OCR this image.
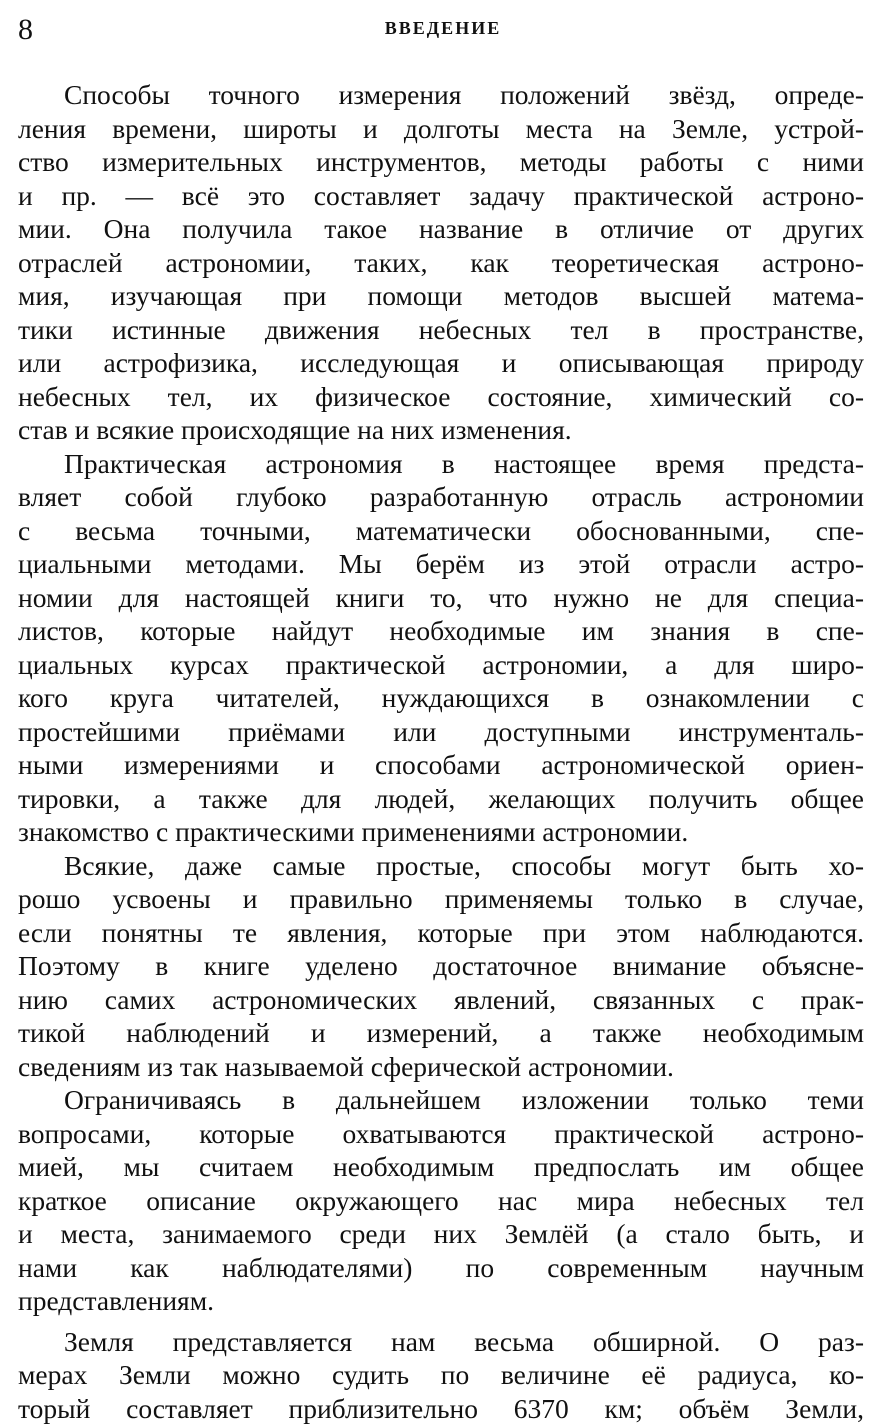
8	ВВЕДЕНИЕ
Способы точного измерения положений звёзд, опреде-
ления времени, широты и долготы места на Земле, устрой-
ство измерительных инструментов, методы работы с ними
и пр. — всё это составляет задачу практической астроно-
мии. Она получила такое название в отличие от других
отраслей астрономии, таких, как теоретическая астроно-
мия, изучающая при помощи методов высшей матема-
тики истинные движения небесных тел в пространстве,
или астрофизика, исследующая и описывающая природу
небесных тел, их физическое состояние, химический со-
став и всякие происходящие на них изменения.
Практическая астрономия в настоящее время предста-
вляет собой глубоко разработанную отрасль астрономии
с весьма точными, математически обоснованными, спе-
циальными методами. Мы берём из этой отрасли астро-
номии для настоящей книги то, что нужно не для специа-
листов, которые найдут необходимые им знания в спе-
циальных курсах практической астрономии, а для широ-
кого круга читателей, нуждающихся в ознакомлении с
простейшими приёмами или доступными инструменталь-
ными измерениями и способами астрономической ориен-
тировки, а также для людей, желающих получить общее
знакомство с практическими применениями астрономии.
Всякие, даже самые простые, способы могут быть хо-
рошо усвоены и правильно применяемы только в случае,
если понятны те явления, которые при этом наблюдаются.
Поэтому в книге уделено достаточное внимание объясне-
нию самих астрономических явлений, связанных с прак-
тикой наблюдений и измерений, а также необходимым
сведениям из так называемой сферической астрономии.
Ограничиваясь в дальнейшем изложении только теми
вопросами, которые охватываются практической астроно-
мией, мы считаем необходимым предпослать им общее
краткое описание окружающего нас мира небесных тел
и места, занимаемого среди них Землёй (а стало быть, и
нами как наблюдателями) по современным научным
представлениям.
Земля представляется нам весьма обширной. О раз-
мерах Земли можно судить по величине её радиуса, ко-
торый составляет приблизительно 6370 км; объём Земли,
